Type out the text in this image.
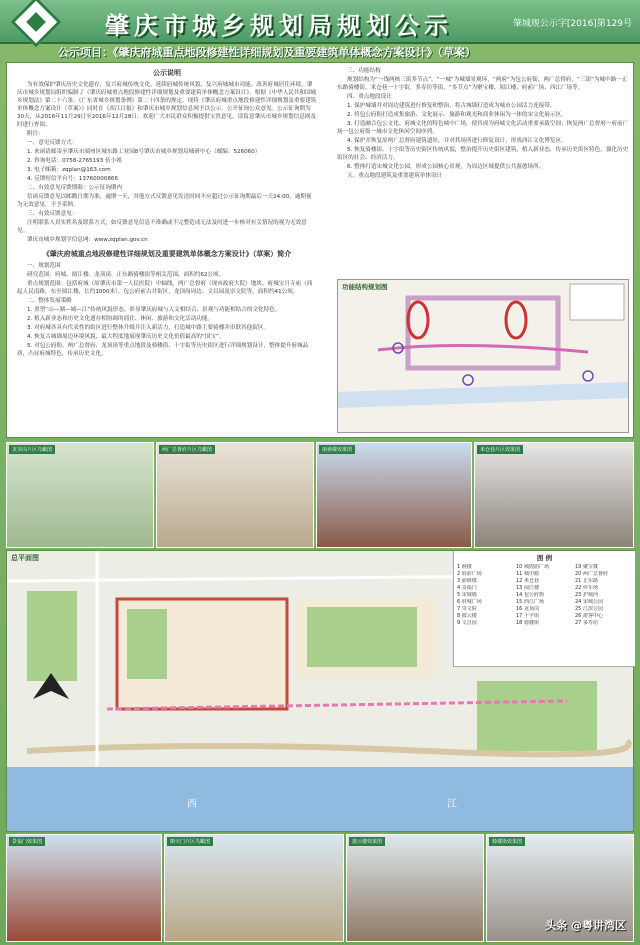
肇庆市城乡规划局规划公示	肇城规公示字[2016]第129号
公示项目：《肇庆府城重点地段修建性详细规划及重要建筑单体概念方案设计》（草案）
公示说明

为有效保护肇庆历史文化遗存，复兴府城传统文化，延续府城传统风貌，复兴府城城市功能，改善府城居住环境，肇庆市城乡规划局组织编制了《肇庆府城重点地段修建性详细规划及重要建筑单体概念方案设计》。根据《中华人民共和国城乡规划法》第二十六条、《广东省城乡规划条例》第二十四条的规定，现将《肇庆府城重点地段修建性详细规划及重要建筑单体概念方案设计（草案）》同时在《西江日报》和肇庆市城乡规划信息网予以公示，公开征询公众意见。公示征询期为30天，从2016年11月29日至2016年12月28日。欢迎广大市民群众积极提供宝贵意见，请留意肇庆市城乡规划信息网及时进行查阅。

附注：

一、意见反馈方式：

1. 来函请邮寄至肇庆市端州区城东路工业园8号肇庆市城乡规划局城研中心（邮编：526060）

2. 咨询电话：0758-2765193 伍小姐

3. 电子邮箱：zqplan@163.com

4. 反馈短信平台号：13760000866

二、有效意见反馈期限：公示征询期内

信函反馈意见以邮戳日期为准，逾期一天，其他方式反馈意见发送时间不应超过公示征询期最后一天24:00，逾期视为无效意见，不予采纳。

三、有效反馈意见：

注明联系人真实姓名及联系方式，如反馈意见信息不准确或不完整造成无法及时进一步核对有关情况的视为无效意见。

肇庆市城乡规划学信息网：www.zqplan.gov.cn

《肇庆府城重点地段修建性详细规划及重要建筑单体概念方案设计》（草案）简介

一、规划范围

研究范围：府城、阅江楼、龙顶岗、正东路骑楼街等相关范围，面积约62公顷。

重点规划范围：包括府城（原肇庆市第一人民医院）中轴线，两广总督府（现市政府大院）地块、府城宝月寺庙（西起人民南路，东至阅江楼，长约1000米），包公府前古井街区，龙顶岗周边、文昌园及崇文院等，面积约41公顷。

二、整体发展策略

1. 重塑“山—湖—城—江”传统风貌形态，彰显肇庆府城与人文相结合、景观与功能相结合的文化特色。

2. 植入新业态和历史文化遗存相协调的商住、休闲、旅游和文化活动功能。

3. 对府城各具有代表性的街区进行整体升级并注入新活力，打造城中路主要骑楼并串联其他街区。

4. 恢复古城墙周边环境风貌，最大程度地展现肇庆历史文化价值最高的“国宝”。

5. 对包公府衙、两广总督府、龙顶岗等重点地段及骑楼街、十字街等历史街区进行详细规划设计，整体提升府城品质，凸显府城特色，传承历史文化。

三、功能结构

规划结构为“一线两核三街多节点”。“一城”为城墙景观环，“两府”为包公府衙、两广总督府，“三街”为城中路一正东路骑楼街、米仓巷一十字街、多寿坊等街，“多节点”为聚宝楼、阅江楼、府前广场、西江广场等。

四、重点地段设计

1. 保护城墙并对周边建筑进行修复和整治，将古城墙打造成为城市公园活力连接带。

2. 将包公府衙打造成集旅游、文化展示、旅游和观光和商业休闲为一体的宋文化展示区。

3. 打造融合包公文化、府城文化的特色城中广场，使其成为府城文化活动重要承载空间；恢复两广总督府一府前广场一包公府衙一城市文化休闲空间序列。

4. 保护并恢复原两广总督府建筑遗址，并对其场所进行修复设计，形成西江文化博览区。

5. 恢复骑楼街、十字街等历史街区传统风貌，整治提升历史街区建筑，植入新业态，传承历史街区特色，强化历史街区的社会、经济活力。

6. 整体打造宋城文化公园，形成公园核心景观，为周边区域提供公共游憩场所。

五、重点地段建筑及重要建筑单体设计

功能结构规划图
龙顶岗片区鸟瞰图	两广总督府片区鸟瞰图	丽谯楼效果图	米仓巷片区效果图
总平面图
西	江
图 例
1 谯楼	10 城隍庙广场	19 聚宝楼
2 府前广场	11 城中路	20 两广总督府
3 丽谯楼	12 米仓巷	21 正东路
4 景福门	13 阅江楼	22 停车场
5 宋城墙	14 包公府衙	23 护城河
6 府城广场	15 西江广场	24 宋城公园
7 崇文院	16 龙顶岗	25 江滨公园
8 披云楼	17 十字街	26 游客中心
9 文昌园	18 骑楼街	27 多寿坊
景福门效果图	朝天门片区鸟瞰图	披云楼效果图	骑楼街效果图
头条 @粤讲湾区
